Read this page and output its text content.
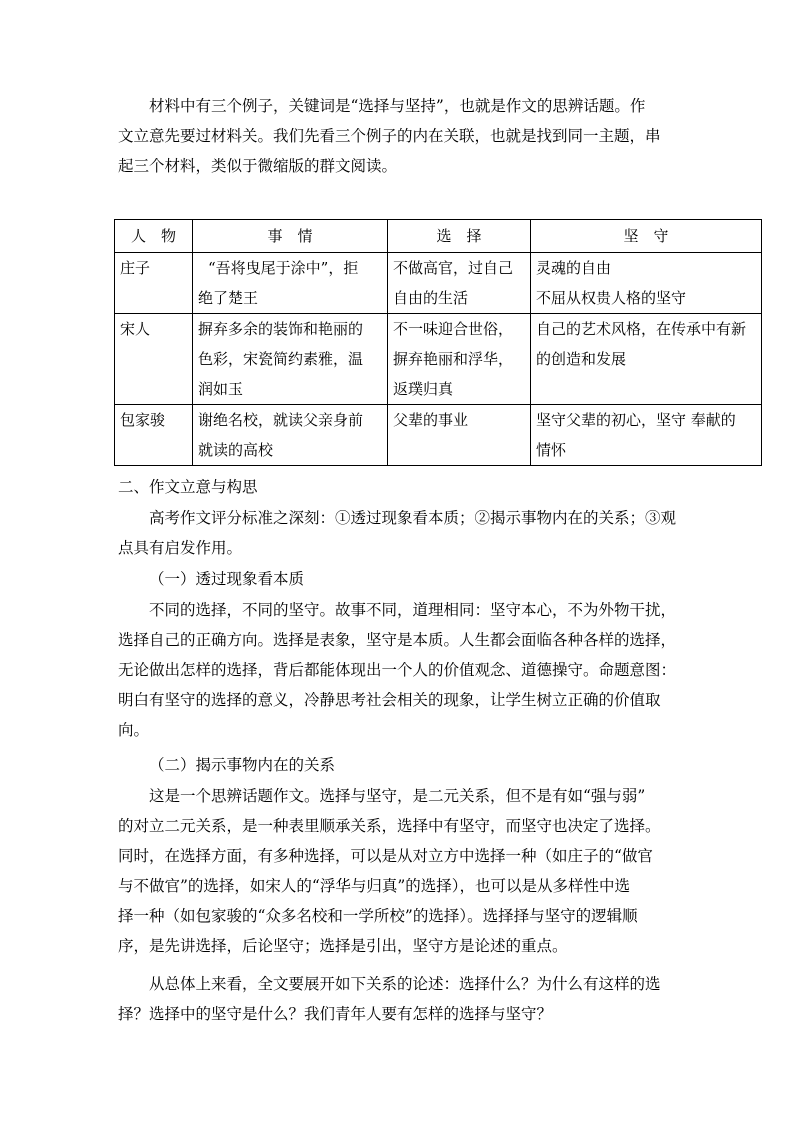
材料中有三个例子，关键词是“选择与坚持”，也就是作文的思辨话题。作
文立意先要过材料关。我们先看三个例子的内在关联，也就是找到同一主题，串
起三个材料，类似于微缩版的群文阅读。

人　物	事　情	选　择	坚　守

庄子	“吾将曳尾于涂中”，拒
绝了楚王	不做高官，过自己
自由的生活	灵魂的自由
不屈从权贵人格的坚守

宋人	摒弃多余的装饰和艳丽的
色彩，宋瓷简约素雅，温
润如玉	不一味迎合世俗，
摒弃艳丽和浮华，
返璞归真	自己的艺术风格，在传承中有新
的创造和发展

包家骏	谢绝名校，就读父亲身前
就读的高校	父辈的事业	坚守父辈的初心，坚守 奉献的
情怀

二、作文立意与构思

高考作文评分标准之深刻：①透过现象看本质；②揭示事物内在的关系；③观
点具有启发作用。

（一）透过现象看本质

不同的选择，不同的坚守。故事不同，道理相同：坚守本心，不为外物干扰，
选择自己的正确方向。选择是表象，坚守是本质。人生都会面临各种各样的选择，
无论做出怎样的选择，背后都能体现出一个人的价值观念、道德操守。命题意图：
明白有坚守的选择的意义，冷静思考社会相关的现象，让学生树立正确的价值取
向。

（二）揭示事物内在的关系

这是一个思辨话题作文。选择与坚守，是二元关系，但不是有如“强与弱”
的对立二元关系，是一种表里顺承关系，选择中有坚守，而坚守也决定了选择。
同时，在选择方面，有多种选择，可以是从对立方中选择一种（如庄子的“做官
与不做官”的选择，如宋人的“浮华与归真”的选择），也可以是从多样性中选
择一种（如包家骏的“众多名校和一学所校”的选择）。选择择与坚守的逻辑顺
序，是先讲选择，后论坚守；选择是引出，坚守方是论述的重点。

从总体上来看，全文要展开如下关系的论述：选择什么？为什么有这样的选
择？选择中的坚守是什么？我们青年人要有怎样的选择与坚守？
